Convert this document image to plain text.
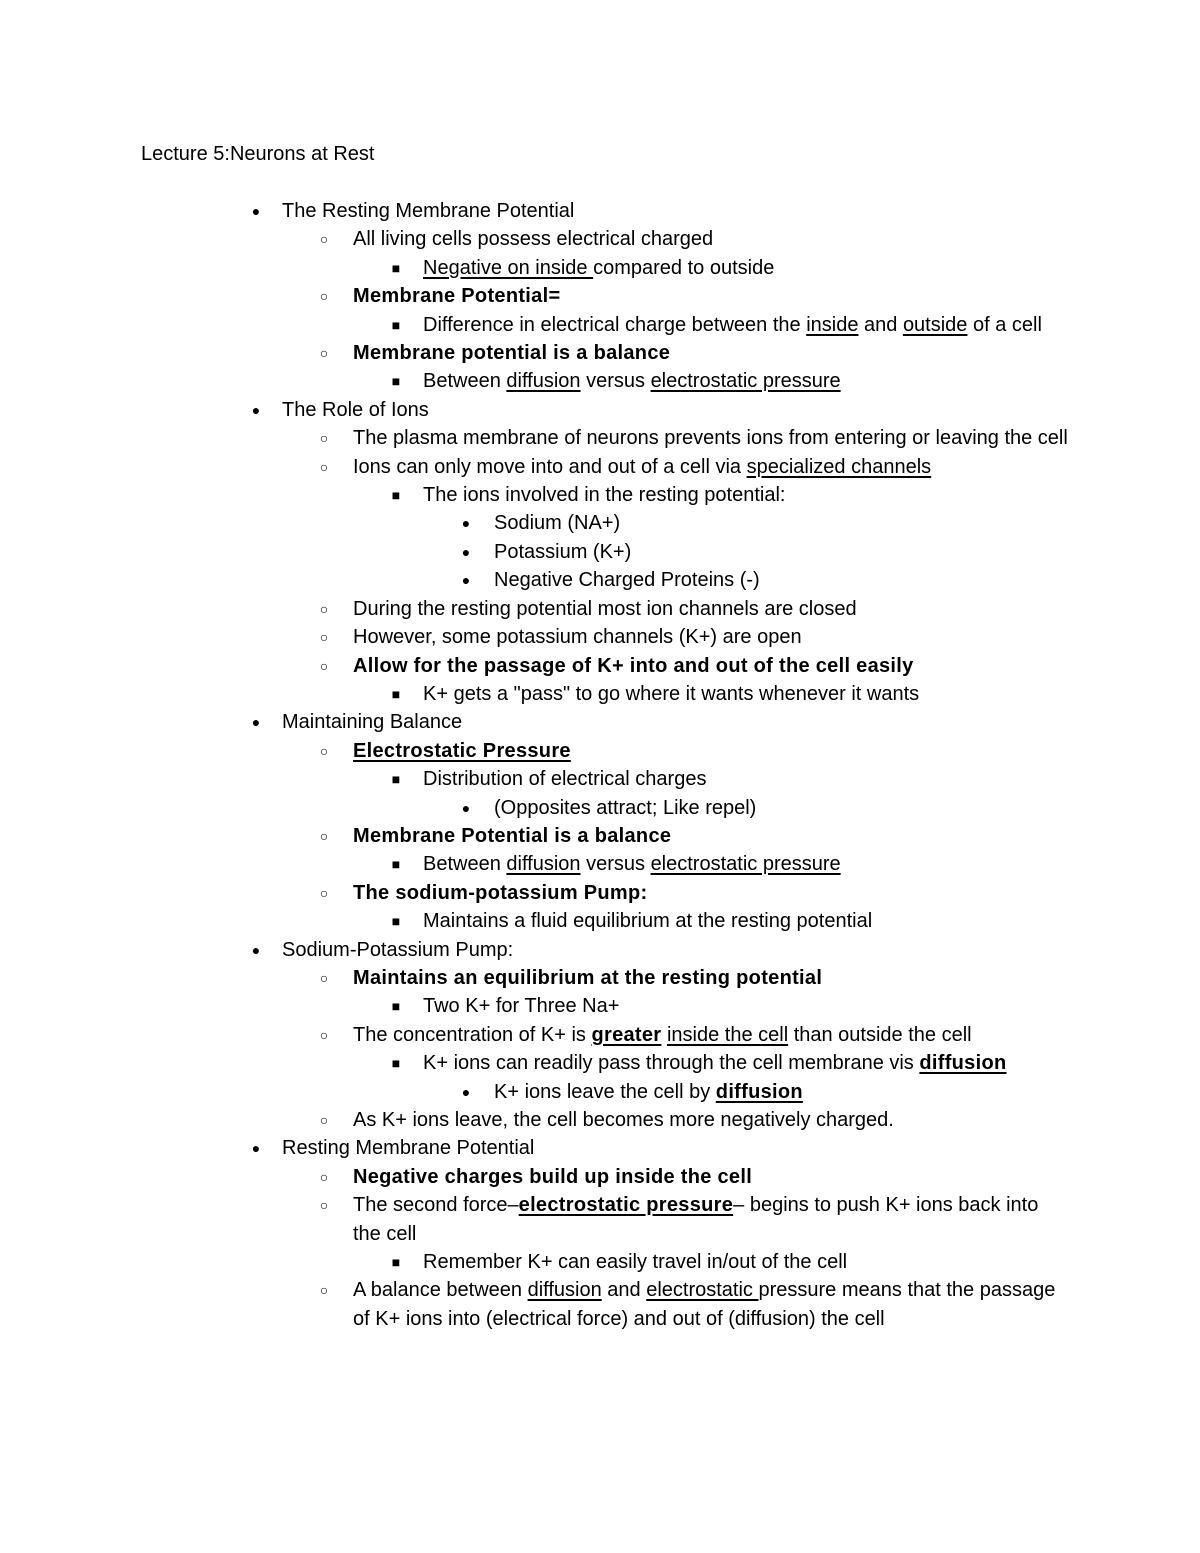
Lecture 5:Neurons at Rest
●	The Resting Membrane Potential
○	All living cells possess electrical charged
■	Negative on inside compared to outside
○	Membrane Potential=
■	Difference in electrical charge between the inside and outside of a cell
○	Membrane potential is a balance
■	Between diffusion versus electrostatic pressure
●	The Role of Ions
○	The plasma membrane of neurons prevents ions from entering or leaving the cell
○	Ions can only move into and out of a cell via specialized channels
■	The ions involved in the resting potential:
●	Sodium (NA+)
●	Potassium (K+)
●	Negative Charged Proteins (-)
○	During the resting potential most ion channels are closed
○	However, some potassium channels (K+) are open
○	Allow for the passage of K+ into and out of the cell easily
■	K+ gets a "pass" to go where it wants whenever it wants
●	Maintaining Balance
○	Electrostatic Pressure
■	Distribution of electrical charges
●	(Opposites attract; Like repel)
○	Membrane Potential is a balance
■	Between diffusion versus electrostatic pressure
○	The sodium-potassium Pump:
■	Maintains a fluid equilibrium at the resting potential
●	Sodium-Potassium Pump:
○	Maintains an equilibrium at the resting potential
■	Two K+ for Three Na+
○	The concentration of K+ is greater inside the cell than outside the cell
■	K+ ions can readily pass through the cell membrane vis diffusion
●	K+ ions leave the cell by diffusion
○	As K+ ions leave, the cell becomes more negatively charged.
●	Resting Membrane Potential
○	Negative charges build up inside the cell
○	The second force–electrostatic pressure– begins to push K+ ions back into the cell
■	Remember K+ can easily travel in/out of the cell
○	A balance between diffusion and electrostatic pressure means that the passage of K+ ions into (electrical force) and out of (diffusion) the cell
